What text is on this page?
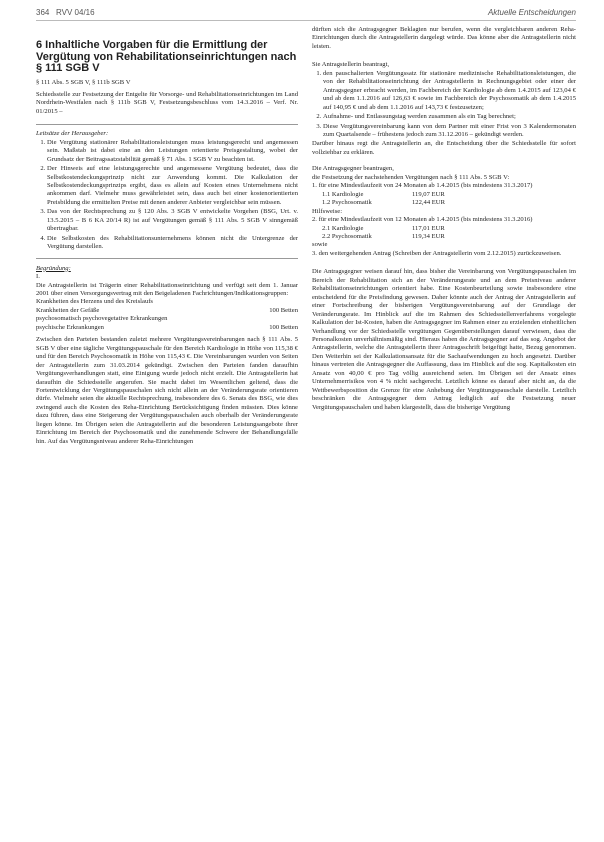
364 RVV 04/16	Aktuelle Entscheidungen
6 Inhaltliche Vorgaben für die Ermittlung der Vergütung von Rehabilitationseinrichtungen nach § 111 SGB V

§ 111 Abs. 5 SGB V, § 111b SGB V

Schiedsstelle zur Festsetzung der Entgelte für Vorsorge- und Rehabilitationseinrichtungen im Land Nordrhein-Westfalen nach § 111b SGB V, Festsetzungsbeschluss vom 14.3.2016 – Verf. Nr. 01/2015 –

Leitsätze der Herausgeber:
1. Die Vergütung stationärer Rehabilitationsleistungen muss leistungsgerecht und angemessen sein. Maßstab ist dabei eine an den Leistungen orientierte Preisgestaltung, wobei der Grundsatz der Beitragssatzstabilität gemäß § 71 Abs. 1 SGB V zu beachten ist.
2. Der Hinweis auf eine leistungsgerechte und angemessene Vergütung bedeutet, dass die Selbstkostendeckungsprinzip nicht zur Anwendung kommt. Die Kalkulation der Selbstkostendeckungsprinzips ergibt, dass es allein auf Kosten eines Unternehmens nicht ankommen darf. Vielmehr muss gewährleistet sein, dass auch bei einer kostenorientierten Preisbildung die ermittelten Preise mit denen anderer Anbieter vergleichbar sein müssen.
3. Das von der Rechtsprechung zu § 120 Abs. 3 SGB V entwickelte Vorgehen (BSG, Urt. v. 13.5.2015 – B 6 KA 20/14 R) ist auf Vergütungen gemäß § 111 Abs. 5 SGB V sinngemäß übertragbar.
4. Die Selbstkosten des Rehabilitationsunternehmens können nicht die Untergrenze der Vergütung darstellen.
Begründung:
I.

Die Antragstellerin ist Trägerin einer Rehabilitationseinrichtung und verfügt seit dem 1. Januar 2001 über einen Versorgungsvertrag mit den Beigeladenen Fachrichtungen/Indikationsgruppen:

Krankheiten des Herzens und des Kreislaufs
Krankheiten der Gefäße	100 Betten
psychosomatisch psychovegetative Erkrankungen	
psychische Erkrankungen	100 Betten

Zwischen den Parteien bestanden zuletzt mehrere Vergütungsvereinbarungen nach § 111 Abs. 5 SGB V über eine tägliche Vergütungspauschale für den Bereich Kardiologie in Höhe von 115,38 € und für den Bereich Psychosomatik in Höhe von 115,43 €. Die Vereinbarungen wurden von Seiten der Antragstellerin zum 31.03.2014 gekündigt. Zwischen den Parteien fanden daraufhin Vergütungsverhandlungen statt, eine Einigung wurde jedoch nicht erzielt. Die Antragstellerin hat daraufhin die Schiedsstelle angerufen. Sie macht dabei im Wesentlichen geltend, dass die Fortentwicklung der Vergütungspauschalen sich nicht allein an der Veränderungsrate orientieren dürfe. Vielmehr seien die aktuelle Rechtsprechung, insbesondere des 6. Senats des BSG, wie dies zwingend auch die Kosten des Reha-Einrichtung Berücksichtigung finden müssten. Dies könne dazu führen, dass eine Steigerung der Vergütungspauschalen auch oberhalb der Veränderungsrate liegen könne. Im Übrigen seien die Antragstellerin auf die besonderen Leistungsangebote ihrer Einrichtung im Bereich der Psychosomatik und die zunehmende Schwere der Behandlungsfälle hin. Auf das Vergütungsniveau anderer Reha-Einrichtungen

dürften sich die Antragsgegner Beklagten nur berufen, wenn die vergleichbaren anderen Reha-Einrichtungen durch die Antragstellerin dargelegt würde. Das könne aber die Antragstellerin nicht leisten.

Sie Antragstellerin beantragt,
1. den pauschalierten Vergütungssatz für stationäre medizinische Rehabilitationsleistungen, die von der Rehabilitationseinrichtung der Antragstellerin in Rechnungsgebiet oder einer der Antragsgegner erbracht werden, im Fachbereich der Kardiologie ab dem 1.4.2015 auf 123,04 € und ab dem 1.1.2016 auf 126,63 € sowie im Fachbereich der Psychosomatik ab dem 1.4.2015 auf 140,95 € und ab dem 1.1.2016 auf 143,73 € festzusetzen;
2. Aufnahme- und Entlassungstag werden zusammen als ein Tag berechnet;
3. Diese Vergütungsvereinbarung kann von dem Partner mit einer Frist von 3 Kalendermonaten zum Quartalsende – frühestens jedoch zum 31.12.2016 – gekündigt werden.

Darüber hinaus regt die Antragstellerin an, die Entscheidung über die Schiedsstelle für sofort vollziehbar zu erklären.

Die Antragsgegner beantragen,
die Festsetzung der nachstehenden Vergütungen nach § 111 Abs. 5 SGB V:
1. für eine Mindestlaufzeit von 24 Monaten ab 1.4.2015 (bis mindestens 31.3.2017)
1.1 Kardiologie	119,07 EUR
1.2 Psychosomatik	122,44 EUR
Hilfsweise:
2. für eine Mindestlaufzeit von 12 Monaten ab 1.4.2015 (bis mindestens 31.3.2016)
2.1 Kardiologie	117,01 EUR
2.2 Psychosomatik	119,34 EUR
sowie
3. den weitergehenden Antrag (Schreiben der Antragstellerin vom 2.12.2015) zurückzuweisen.

Die Antragsgegner weisen darauf hin, dass bisher die Vereinbarung von Vergütungspauschalen im Bereich der Rehabilitation sich an der Veränderungsrate und an dem Preisniveau anderer Rehabilitationseinrichtungen orientiert habe. Eine Kostenbeurteilung sowie insbesondere eine entscheidend für die Preisfindung gewesen. Daher könnte auch der Antrag der Antragstellerin auf einer Fortschreibung der bisherigen Vergütungsvereinbarung auf der Grundlage der Veränderungsrate. Im Hinblick auf die im Rahmen des Schiedsstellenverfahrens vorgelegte Kalkulation der Ist-Kosten, haben die Antragsgegner im Rahmen einer zu erzielenden einheitlichen Verhandlung vor der Schiedsstelle vergütungen Gegenüberstellungen darauf verwiesen, dass die Personalkosten unverhältnismäßig sind. Hieraus haben die Antragsgegner auf das sog. Angebot der Antragstellerin, welche die Antragstellerin ihrer Antragsschrift beigefügt hatte, Bezug genommen. Den Weiterhin sei der Kalkulationsansatz für die Sachaufwendungen zu hoch angesetzt. Darüber hinaus vertreten die Antragsgegner die Auffassung, dass im Hinblick auf die sog. Kapitalkosten ein Ansatz von 40,00 € pro Tag völlig ausreichend seien. Im Übrigen sei der Ansatz eines Unternehmerrisikos von 4 % nicht sachgerecht. Letztlich könne es darauf aber nicht an, da die Wettbewerbsposition die Grenze für eine Anhebung der Vergütungspauschale darstelle. Letztlich beschränken die Antragsgegner dem Antrag lediglich auf die Festsetzung neuer Vergütungspauschalen und haben klargestellt, dass die bisherige Vergütung
